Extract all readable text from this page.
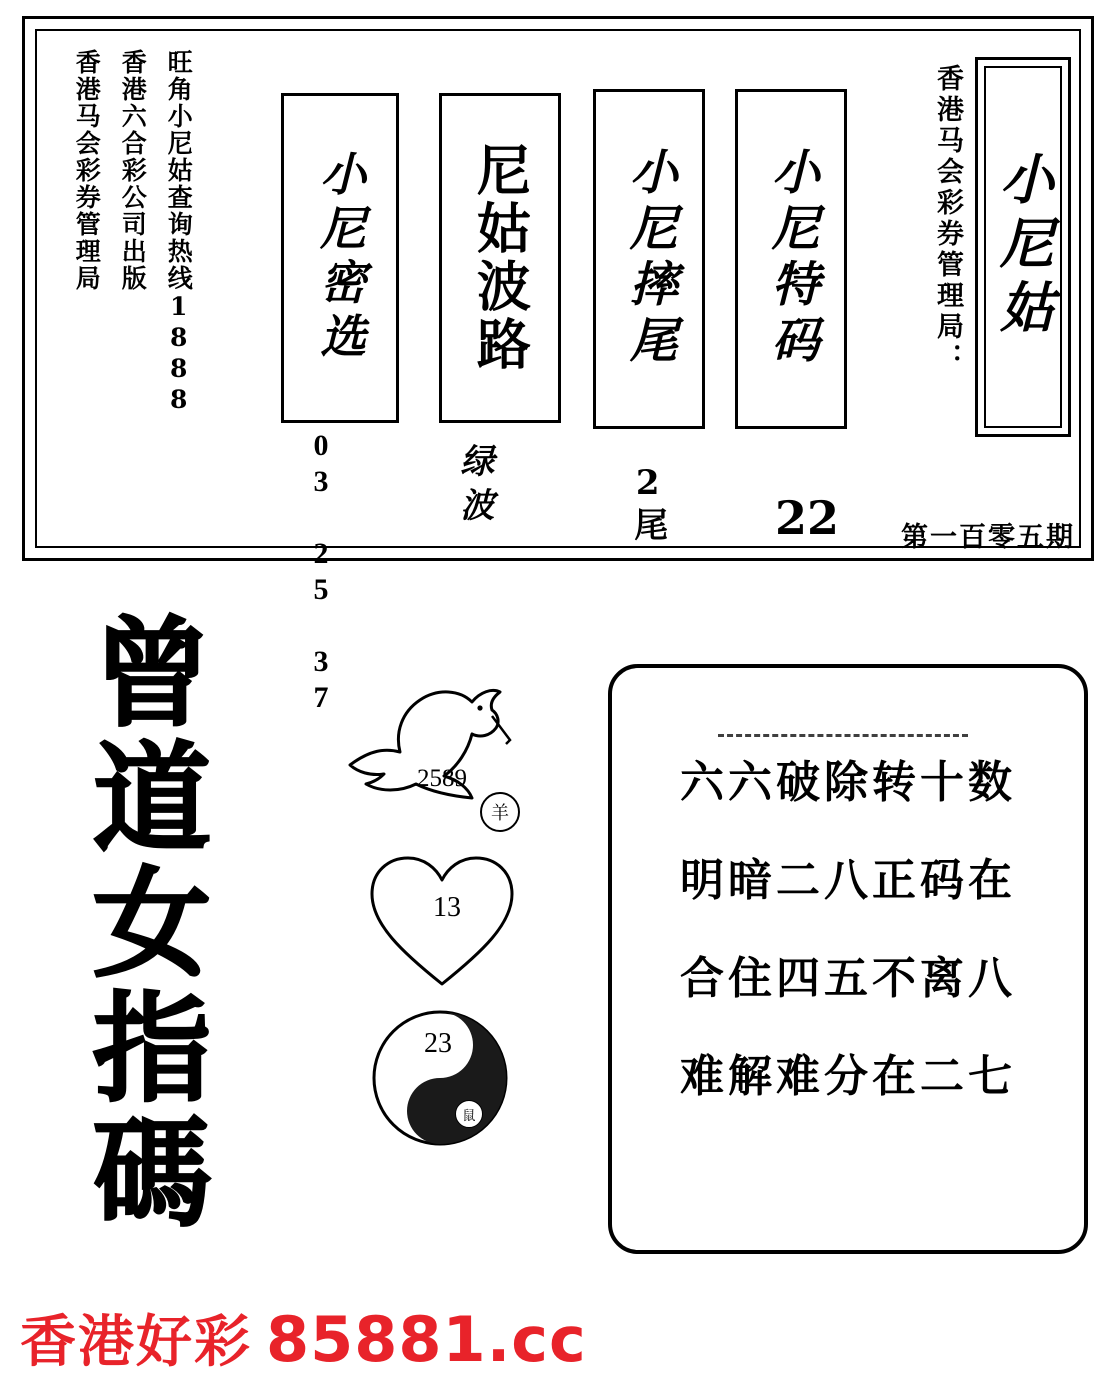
香港马会彩券管理局 香港六合彩公司出版 旺角小尼姑查询热线1888	小尼特码
22
小尼摔尾
2尾
尼姑波路
绿波
小尼密选
03 25 37
香港马会彩券管理局： 小尼姑
第一百零五期
曾
道
女
指
碼
2589
羊
13
23
鼠
六六破除转十数
明暗二八正码在
合住四五不离八
难解难分在二七
香港好彩 85881.cc
